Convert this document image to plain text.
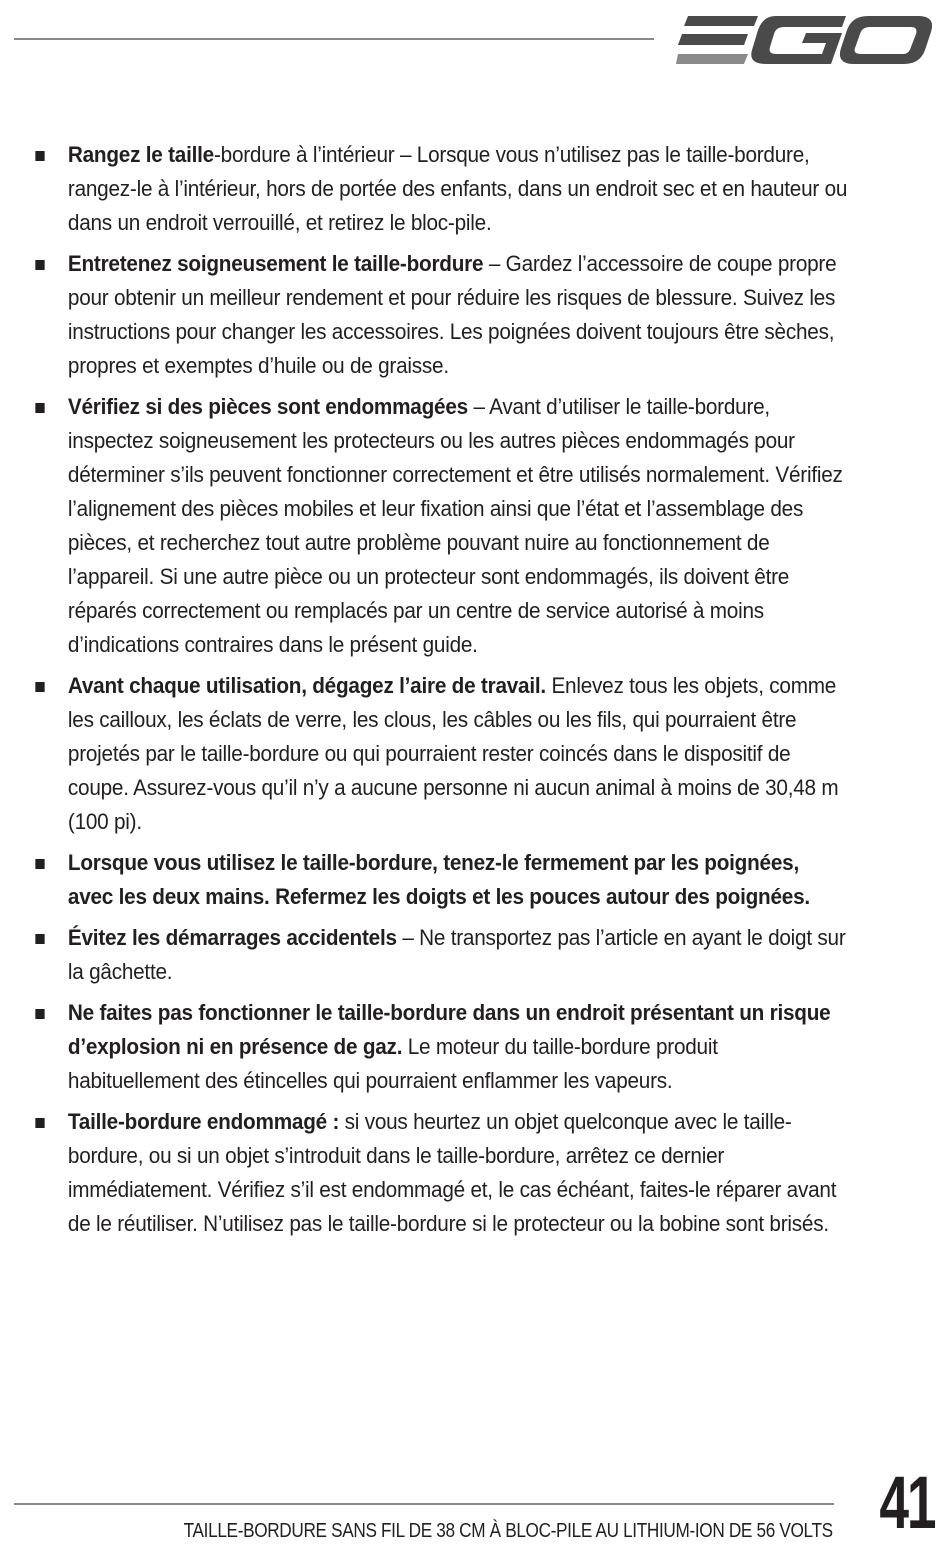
EGO
Rangez le taille-bordure à l’intérieur – Lorsque vous n’utilisez pas le taille-bordure, rangez-le à l’intérieur, hors de portée des enfants, dans un endroit sec et en hauteur ou dans un endroit verrouillé, et retirez le bloc-pile.
Entretenez soigneusement le taille-bordure – Gardez l’accessoire de coupe propre pour obtenir un meilleur rendement et pour réduire les risques de blessure. Suivez les instructions pour changer les accessoires. Les poignées doivent toujours être sèches, propres et exemptes d’huile ou de graisse.
Vérifiez si des pièces sont endommagées – Avant d’utiliser le taille-bordure, inspectez soigneusement les protecteurs ou les autres pièces endommagés pour déterminer s’ils peuvent fonctionner correctement et être utilisés normalement. Vérifiez l’alignement des pièces mobiles et leur fixation ainsi que l’état et l’assemblage des pièces, et recherchez tout autre problème pouvant nuire au fonctionnement de l’appareil. Si une autre pièce ou un protecteur sont endommagés, ils doivent être réparés correctement ou remplacés par un centre de service autorisé à moins d’indications contraires dans le présent guide.
Avant chaque utilisation, dégagez l’aire de travail. Enlevez tous les objets, comme les cailloux, les éclats de verre, les clous, les câbles ou les fils, qui pourraient être projetés par le taille-bordure ou qui pourraient rester coincés dans le dispositif de coupe. Assurez-vous qu’il n’y a aucune personne ni aucun animal à moins de 30,48 m (100 pi).
Lorsque vous utilisez le taille-bordure, tenez-le fermement par les poignées, avec les deux mains. Refermez les doigts et les pouces autour des poignées.
Évitez les démarrages accidentels – Ne transportez pas l’article en ayant le doigt sur la gâchette.
Ne faites pas fonctionner le taille-bordure dans un endroit présentant un risque d’explosion ni en présence de gaz. Le moteur du taille-bordure produit habituellement des étincelles qui pourraient enflammer les vapeurs.
Taille-bordure endommagé : si vous heurtez un objet quelconque avec le taille-bordure, ou si un objet s’introduit dans le taille-bordure, arrêtez ce dernier immédiatement. Vérifiez s’il est endommagé et, le cas échéant, faites-le réparer avant de le réutiliser. N’utilisez pas le taille-bordure si le protecteur ou la bobine sont brisés.
TAILLE-BORDURE SANS FIL DE 38 CM À BLOC-PILE AU LITHIUM-ION DE 56 VOLTS 41
